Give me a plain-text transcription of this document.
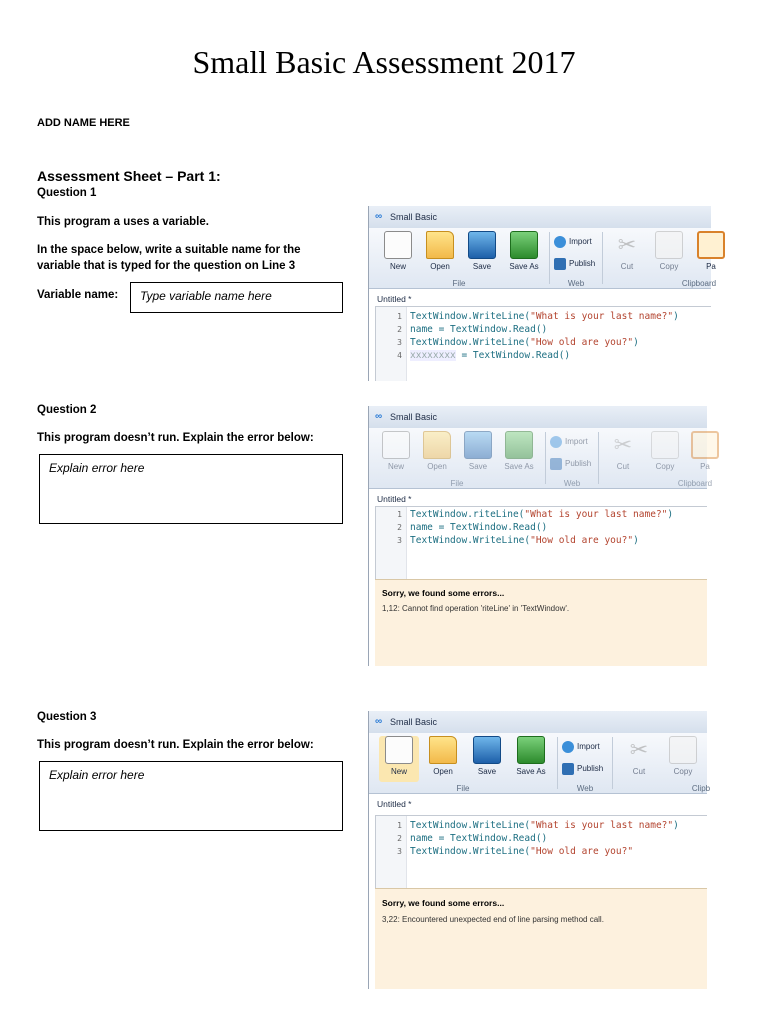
Small Basic Assessment 2017
ADD NAME HERE
Assessment Sheet – Part 1:
Question 1
This program a uses a variable.
In the space below, write a suitable name for the
variable that is typed for the question on Line 3
Variable name: Type variable name here
∞ Small Basic
New	Open	Save	Save As
File
Import
Publish
Web
✂
Cut	Copy	Pa
Clipboard
Untitled *
1 TextWindow.WriteLine("What is your last name?")
2 name = TextWindow.Read()
3 TextWindow.WriteLine("How old are you?")
4 xxxxxxxx = TextWindow.Read()
Question 2
This program doesn’t run. Explain the error below:
Explain error here
∞ Small Basic
New	Open	Save	Save As
File
Import
Publish
Web
✂
Cut	Copy	Pa
Clipboard
Untitled *
1 TextWindow.riteLine("What is your last name?")
2 name = TextWindow.Read()
3 TextWindow.WriteLine("How old are you?")
Sorry, we found some errors...
1,12: Cannot find operation 'riteLine' in 'TextWindow'.
Question 3
This program doesn’t run. Explain the error below:
Explain error here
∞ Small Basic
New	Open	Save	Save As
File
Import
Publish
Web
✂
Cut	Copy
Clipb
Untitled *
1 TextWindow.WriteLine("What is your last name?")
2 name = TextWindow.Read()
3 TextWindow.WriteLine("How old are you?"
Sorry, we found some errors...
3,22: Encountered unexpected end of line parsing method call.
